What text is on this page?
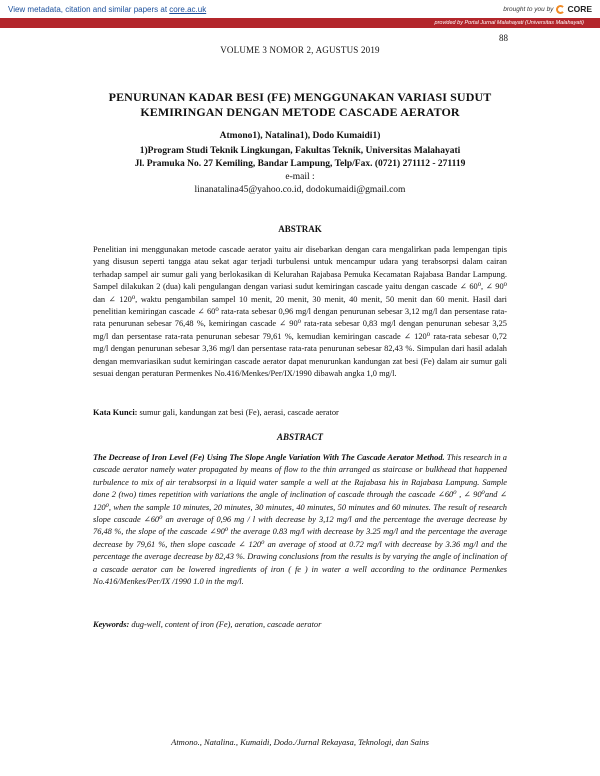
View metadata, citation and similar papers at core.ac.uk	brought to you by CORE
provided by Portal Jurnal Malahayati (Universitas Malahayati)
88
VOLUME 3 NOMOR 2, AGUSTUS 2019
PENURUNAN KADAR BESI (FE) MENGGUNAKAN VARIASI SUDUT
KEMIRINGAN DENGAN METODE CASCADE AERATOR
Atmono1), Natalina1), Dodo Kumaidi1)
1)Program Studi Teknik Lingkungan, Fakultas Teknik, Universitas Malahayati
Jl. Pramuka No. 27 Kemiling, Bandar Lampung, Telp/Fax. (0721) 271112 - 271119
e-mail :
linanatalina45@yahoo.co.id, dodokumaidi@gmail.com
ABSTRAK

Penelitian ini menggunakan metode cascade aerator yaitu air disebarkan dengan cara mengalirkan pada lempengan tipis yang disusun seperti tangga atau sekat agar terjadi turbulensi untuk mencampur udara yang terabsorpsi dalam cairan terhadap sampel air sumur gali yang berlokasikan di Kelurahan Rajabasa Pemuka Kecamatan Rajabasa Bandar Lampung. Sampel dilakukan 2 (dua) kali pengulangan dengan variasi sudut kemiringan cascade yaitu dengan cascade ∠ 60⁰, ∠ 90⁰ dan ∠ 120⁰, waktu pengambilan sampel 10 menit, 20 menit, 30 menit, 40 menit, 50 menit dan 60 menit. Hasil dari penelitian kemiringan cascade ∠ 60⁰ rata-rata sebesar 0,96 mg/l dengan penurunan sebesar 3,12 mg/l dan persentase rata-rata penurunan sebesar 76,48 %, kemiringan cascade ∠ 90⁰ rata-rata sebesar 0,83 mg/l dengan penurunan sebesar 3,25 mg/l dan persentase rata-rata penurunan sebesar 79,61 %, kemudian kemiringan cascade ∠ 120⁰ rata-rata sebesar 0,72 mg/l dengan penurunan sebesar 3,36 mg/l dan persentase rata-rata penurunan sebesar 82,43 %. Simpulan dari hasil adalah dengan memvariasikan sudut kemiringan cascade aerator dapat menurunkan kandungan zat besi (Fe) dalam air sumur gali sesuai dengan peraturan Permenkes No.416/Menkes/Per/IX/1990 dibawah angka 1,0 mg/l.

Kata Kunci: sumur gali, kandungan zat besi (Fe), aerasi, cascade aerator

ABSTRACT

The Decrease of Iron Level (Fe) Using The Slope Angle Variation With The Cascade Aerator Method. This research in a cascade aerator namely water propagated by means of flow to the thin arranged as staircase or bulkhead that happened turbulence to mix of air terabsorpsi in a liquid water sample a well at the Rajabasa his in Rajabasa Lampung. Sample done 2 (two) times repetition with variations the angle of inclination of cascade through the cascade ∠60⁰ , ∠ 90⁰and ∠ 120⁰, when the sample 10 minutes, 20 minutes, 30 minutes, 40 minutes, 50 minutes and 60 minutes. The result of research slope cascade ∠60⁰ an average of 0,96 mg / l with decrease by 3,12 mg/l and the percentage the average decrease by 76,48 %, the slope of the cascade ∠90⁰ the average 0.83 mg/l with decrease by 3.25 mg/l and the percentage the average decrease by 79,61 %, then slope cascade ∠ 120⁰ an average of stood at 0.72 mg/l with decrease by 3.36 mg/l and the percentage the average decrease by 82,43 %. Drawing conclusions from the results is by varying the angle of inclination of a cascade aerator can be lowered ingredients of iron ( fe ) in water a well according to the ordinance Permenkes No.416/Menkes/Per/IX /1990 1.0 in the mg/l.

Keywords: dug-well, content of iron (Fe), aeration, cascade aerator

Atmono., Natalina., Kumaidi, Dodo./Jurnal Rekayasa, Teknologi, dan Sains
